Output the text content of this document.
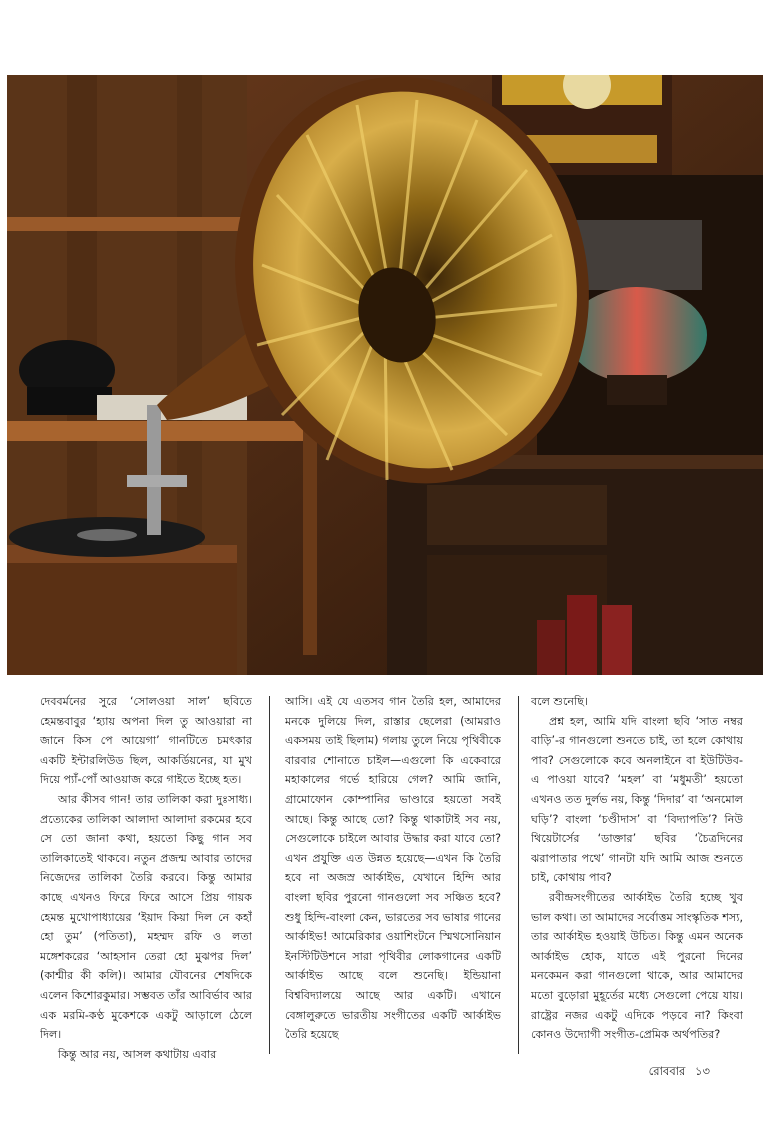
দেববর্মনের সুরে ‘সোলওয়া সাল’ ছবিতে হেমন্তবাবুর ‘হ্যায় অপনা দিল তু আওয়ারা না জানে কিস পে আয়েগা’ গানটিতে চমৎকার একটি ইন্টারলিউড ছিল, আকর্ডিয়নের, যা মুখ দিয়ে প্যাঁ-পোঁ আওয়াজ করে গাইতে ইচ্ছে হত।

আর কীসব গান! তার তালিকা করা দুঃসাধ্য। প্রত্যেকের তালিকা আলাদা আলাদা রকমের হবে সে তো জানা কথা, হয়তো কিছু গান সব তালিকাতেই থাকবে। নতুন প্রজন্ম আবার তাদের নিজেদের তালিকা তৈরি করবে। কিন্তু আমার কাছে এখনও ফিরে ফিরে আসে প্রিয় গায়ক হেমন্ত মুখোপাধ্যায়ের ‘ইয়াদ কিয়া দিল নে কহাঁ হো তুম’ (পতিতা), মহম্মদ রফি ও লতা মঙ্গেশকরের ‘আহসান তেরা হো মুঝপর দিল’ (কাশ্মীর কী কলি)। আমার যৌবনের শেষদিকে এলেন কিশোরকুমার। সম্ভবত তাঁর আবির্ভাব আর এক মরমি-কণ্ঠ মুকেশকে একটু আড়ালে ঠেলে দিল।

কিন্তু আর নয়, আসল কথাটায় এবার

আসি। এই যে এতসব গান তৈরি হল, আমাদের মনকে দুলিয়ে দিল, রাস্তার ছেলেরা (আমরাও একসময় তাই ছিলাম) গলায় তুলে নিয়ে পৃথিবীকে বারবার শোনাতে চাইল—এগুলো কি একেবারে মহাকালের গর্ভে হারিয়ে গেল? আমি জানি, গ্রামোফোন কোম্পানির ভাণ্ডারে হয়তো সবই আছে। কিন্তু আছে তো? কিন্তু থাকাটাই সব নয়, সেগুলোকে চাইলে আবার উদ্ধার করা যাবে তো? এখন প্রযুক্তি এত উন্নত হয়েছে—এখন কি তৈরি হবে না অজস্র আর্কাইভ, যেখানে হিন্দি আর বাংলা ছবির পুরনো গানগুলো সব সঞ্চিত হবে? শুধু হিন্দি-বাংলা কেন, ভারতের সব ভাষার গানের আর্কাইভ! আমেরিকার ওয়াশিংটনে স্মিথসোনিয়ান ইনস্টিটিউশনে সারা পৃথিবীর লোকগানের একটি আর্কাইভ আছে বলে শুনেছি। ইন্ডিয়ানা বিশ্ববিদ্যালয়ে আছে আর একটি। এখানে বেঙ্গালুরুতে ভারতীয় সংগীতের একটি আর্কাইভ তৈরি হয়েছে

বলে শুনেছি।

প্রশ্ন হল, আমি যদি বাংলা ছবি ‘সাত নম্বর বাড়ি’-র গানগুলো শুনতে চাই, তা হলে কোথায় পাব? সেগুলোকে কবে অনলাইনে বা ইউটিউব-এ পাওয়া যাবে? ‘মহল’ বা ‘মধুমতী’ হয়তো এখনও তত দুর্লভ নয়, কিন্তু ‘দিদার’ বা ‘অনমোল ঘড়ি’? বাংলা ‘চণ্ডীদাস’ বা ‘বিদ্যাপতি’? নিউ থিয়েটার্সের ‘ডাক্তার’ ছবির ‘চৈত্রদিনের ঝরাপাতার পথে’ গানটা যদি আমি আজ শুনতে চাই, কোথায় পাব?

রবীন্দ্রসংগীতের আর্কাইভ তৈরি হচ্ছে খুব ভাল কথা। তা আমাদের সর্বোত্তম সাংস্কৃতিক শস্য, তার আর্কাইভ হওয়াই উচিত। কিন্তু এমন অনেক আর্কাইভ হোক, যাতে এই পুরনো দিনের মনকেমন করা গানগুলো থাকে, আর আমাদের মতো বুড়োরা মুহূর্তের মধ্যে সেগুলো পেয়ে যায়। রাষ্ট্রের নজর একটু এদিকে পড়বে না? কিংবা কোনও উদ্যোগী সংগীত-প্রেমিক অর্থপতির?

রোববার ১৩
